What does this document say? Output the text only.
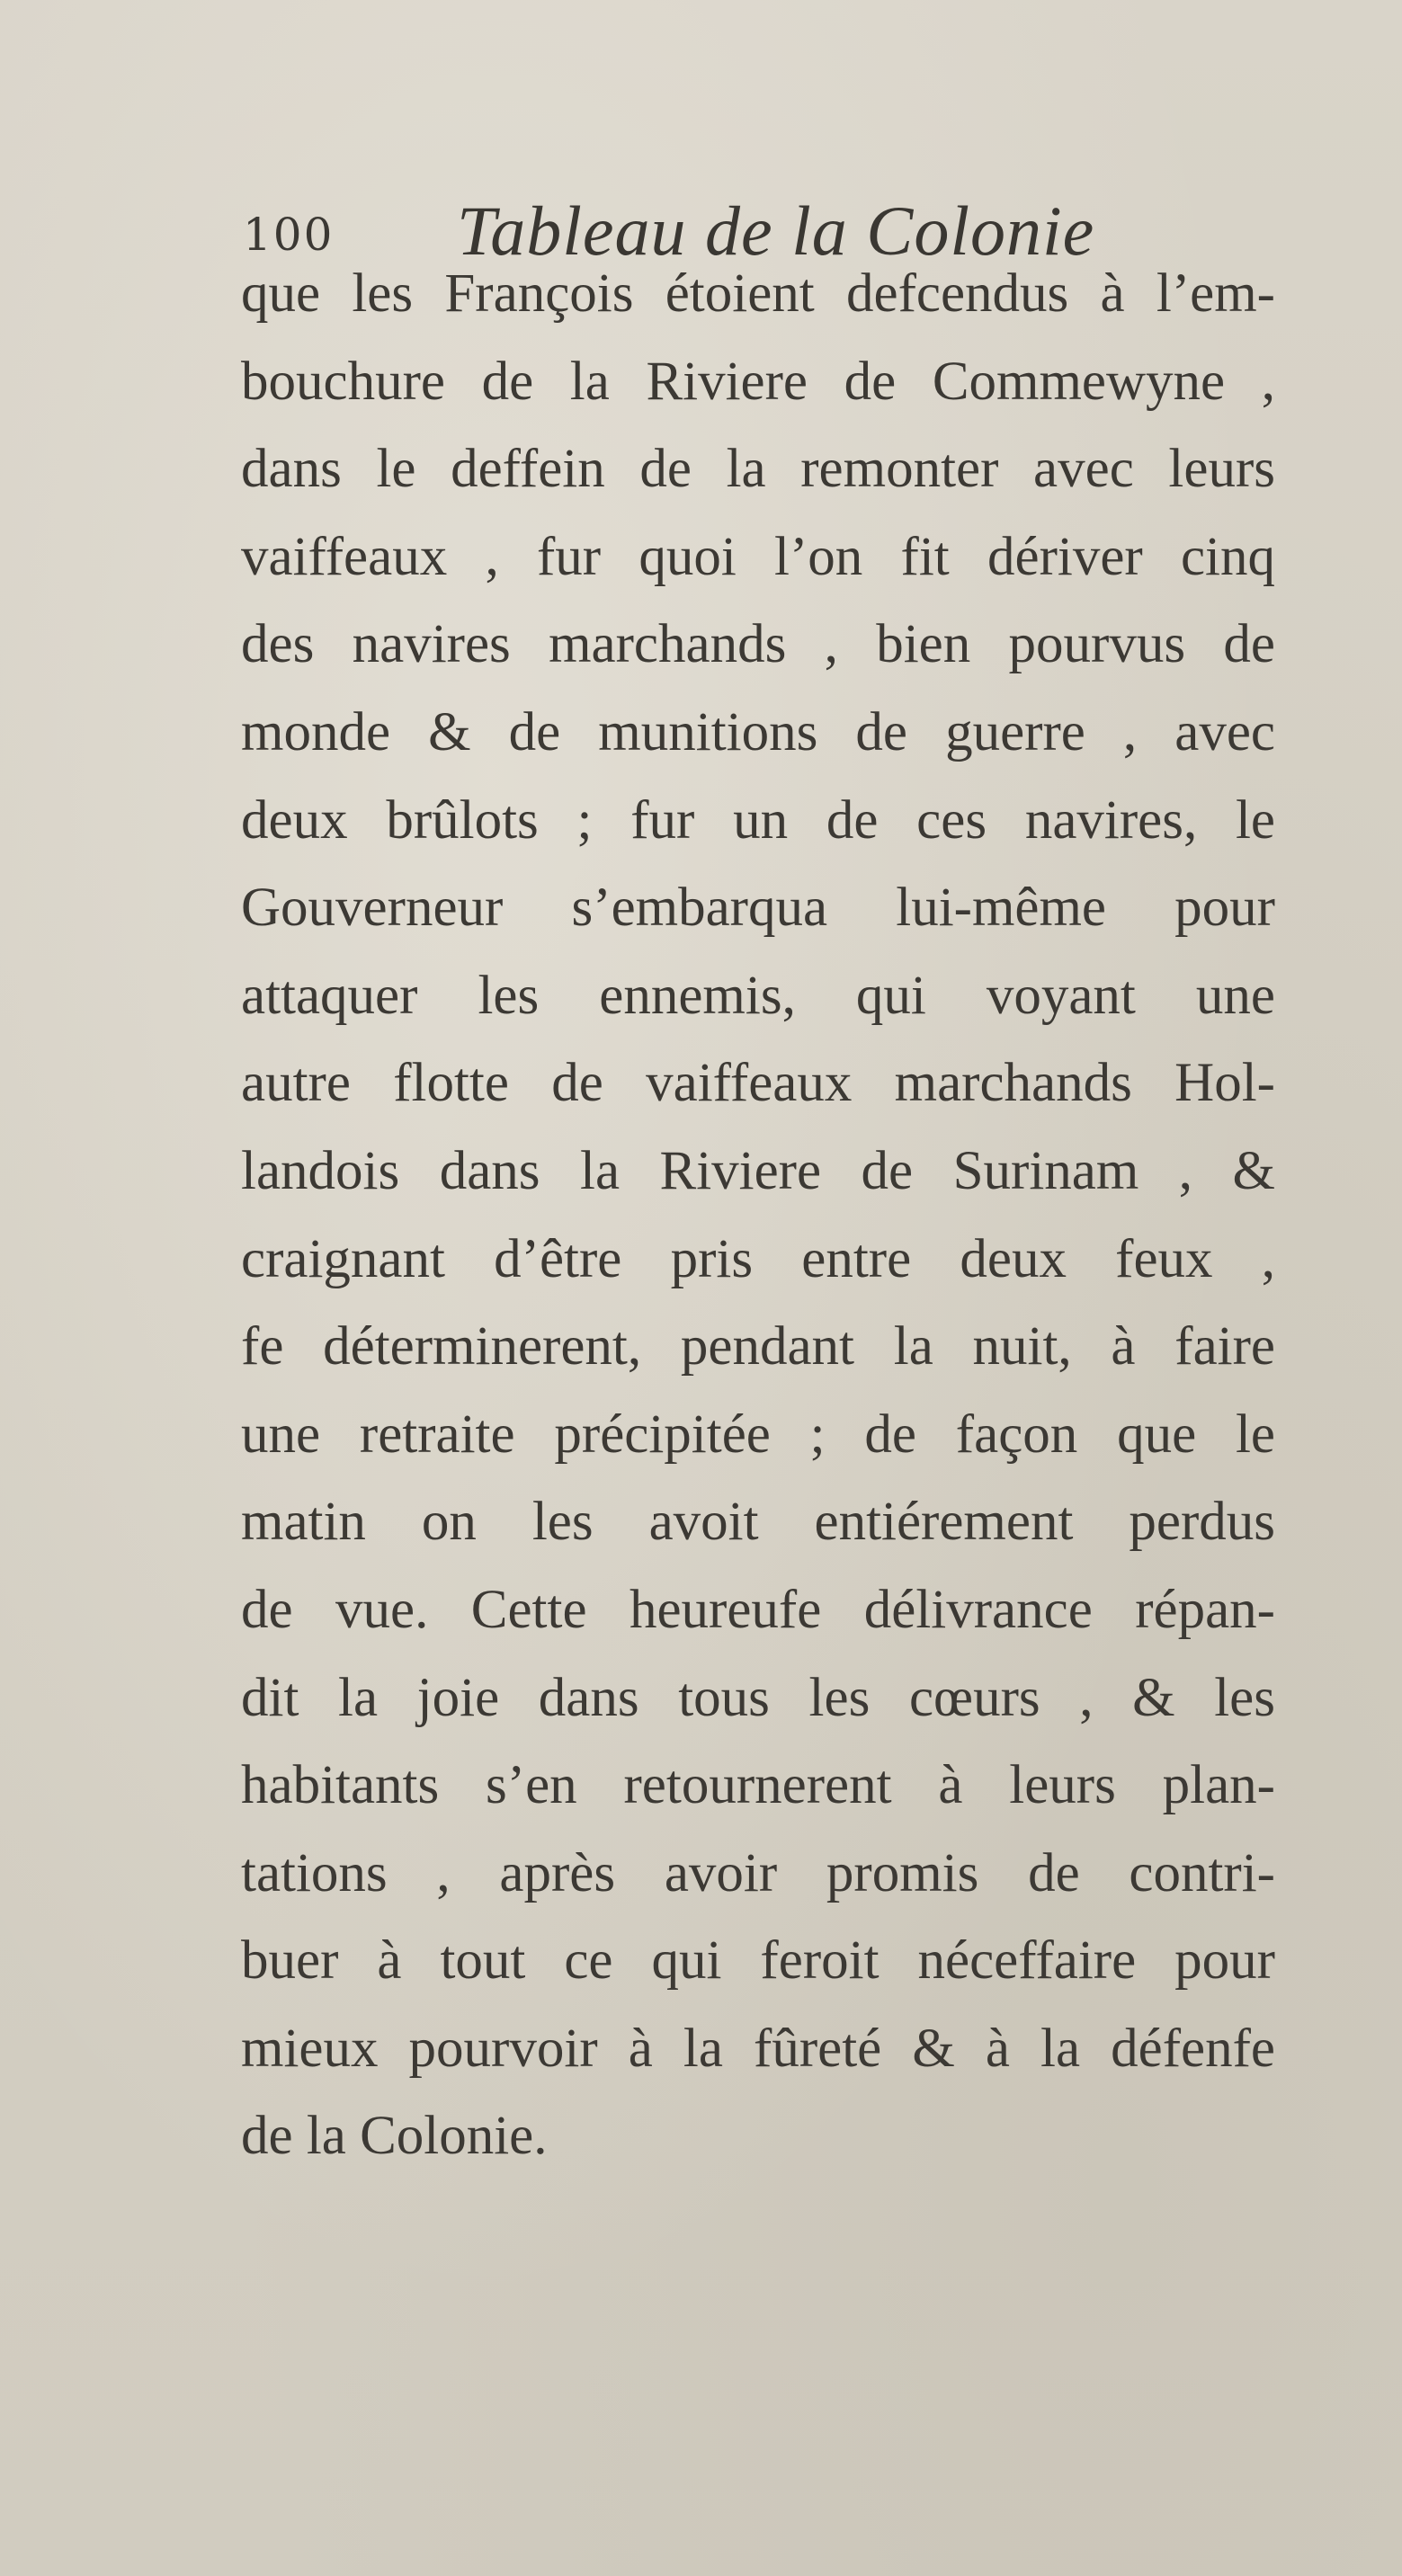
100 Tableau de la Colonie
que les François étoient defcendus à l’em-
bouchure de la Riviere de Commewyne ,
dans le deffein de la remonter avec leurs
vaiffeaux , fur quoi l’on fit dériver cinq
des navires marchands , bien pourvus de
monde & de munitions de guerre , avec
deux brûlots ; fur un de ces navires, le
Gouverneur s’embarqua lui-même pour
attaquer les ennemis, qui voyant une
autre flotte de vaiffeaux marchands Hol-
landois dans la Riviere de Surinam , &
craignant d’être pris entre deux feux ,
fe déterminerent, pendant la nuit, à faire
une retraite précipitée ; de façon que le
matin on les avoit entiérement perdus
de vue. Cette heureufe délivrance répan-
dit la joie dans tous les cœurs , & les
habitants s’en retournerent à leurs plan-
tations , après avoir promis de contri-
buer à tout ce qui feroit néceffaire pour
mieux pourvoir à la fûreté & à la défenfe
de la Colonie.
